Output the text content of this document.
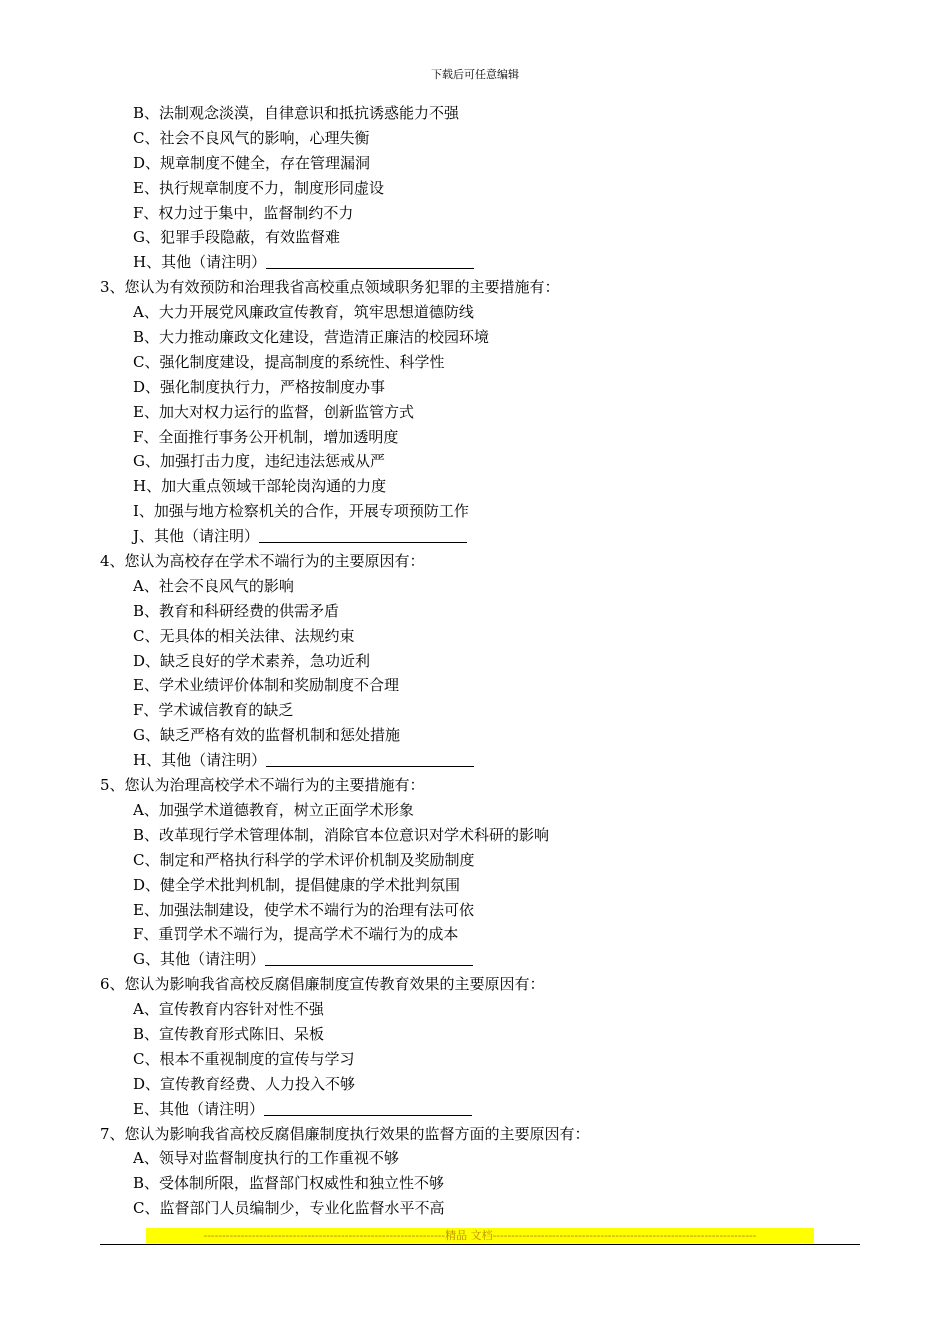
下载后可任意编辑
B、法制观念淡漠，自律意识和抵抗诱惑能力不强
C、社会不良风气的影响，心理失衡
D、规章制度不健全，存在管理漏洞
E、执行规章制度不力，制度形同虚设
F、权力过于集中，监督制约不力
G、犯罪手段隐蔽，有效监督难
H、其他（请注明）
3、您认为有效预防和治理我省高校重点领域职务犯罪的主要措施有：
A、大力开展党风廉政宣传教育，筑牢思想道德防线
B、大力推动廉政文化建设，营造清正廉洁的校园环境
C、强化制度建设，提高制度的系统性、科学性
D、强化制度执行力，严格按制度办事
E、加大对权力运行的监督，创新监管方式
F、全面推行事务公开机制，增加透明度
G、加强打击力度，违纪违法惩戒从严
H、加大重点领域干部轮岗沟通的力度
I、加强与地方检察机关的合作，开展专项预防工作
J、其他（请注明）
4、您认为高校存在学术不端行为的主要原因有：
A、社会不良风气的影响
B、教育和科研经费的供需矛盾
C、无具体的相关法律、法规约束
D、缺乏良好的学术素养，急功近利
E、学术业绩评价体制和奖励制度不合理
F、学术诚信教育的缺乏
G、缺乏严格有效的监督机制和惩处措施
H、其他（请注明）
5、您认为治理高校学术不端行为的主要措施有：
A、加强学术道德教育，树立正面学术形象
B、改革现行学术管理体制，消除官本位意识对学术科研的影响
C、制定和严格执行科学的学术评价机制及奖励制度
D、健全学术批判机制，提倡健康的学术批判氛围
E、加强法制建设，使学术不端行为的治理有法可依
F、重罚学术不端行为，提高学术不端行为的成本
G、其他（请注明）
6、您认为影响我省高校反腐倡廉制度宣传教育效果的主要原因有：
A、宣传教育内容针对性不强
B、宣传教育形式陈旧、呆板
C、根本不重视制度的宣传与学习
D、宣传教育经费、人力投入不够
E、其他（请注明）
7、您认为影响我省高校反腐倡廉制度执行效果的监督方面的主要原因有：
A、领导对监督制度执行的工作重视不够
B、受体制所限，监督部门权威性和独立性不够
C、监督部门人员编制少，专业化监督水平不高
-----------------------------------------------------------------精品 文档-----------------------------------------------------------------------
